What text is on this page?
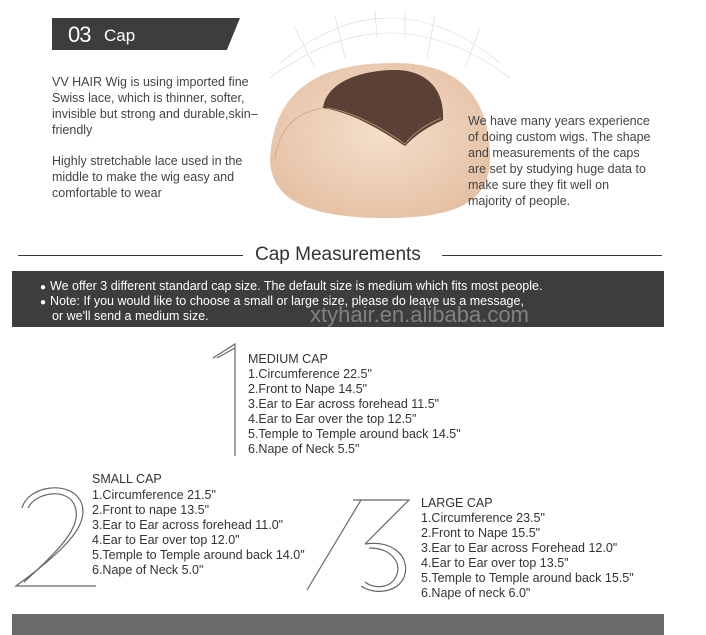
03 Cap
VV HAIR Wig is using imported fine Swiss lace, which is thinner, softer, invisible but strong and durable,skin–friendly
Highly stretchable lace used in the middle to make the wig easy and comfortable to wear
We have many years experience of doing custom wigs. The shape and measurements of the caps are set by studying huge data to make sure they fit well on majority of people.
Cap Measurements
● We offer 3 different standard cap size. The default size is medium which fits most people.
● Note: If you would like to choose a small or large size, please do leave us a message,
or we'll send a medium size.	xtyhair.en.alibaba.com
MEDIUM CAP
1.Circumference 22.5"
2.Front to Nape 14.5"
3.Ear to Ear across forehead 11.5"
4.Ear to Ear over the top 12.5"
5.Temple to Temple around back 14.5"
6.Nape of Neck 5.5"
SMALL CAP
1.Circumference 21.5"
2.Front to nape 13.5"
3.Ear to Ear across forehead 11.0"
4.Ear to Ear over top 12.0"
5.Temple to Temple around back 14.0"
6.Nape of Neck 5.0"
LARGE CAP
1.Circumference 23.5"
2.Front to Nape 15.5"
3.Ear to Ear across Forehead 12.0"
4.Ear to Ear over top 13.5"
5.Temple to Temple around back 15.5"
6.Nape of neck 6.0"
